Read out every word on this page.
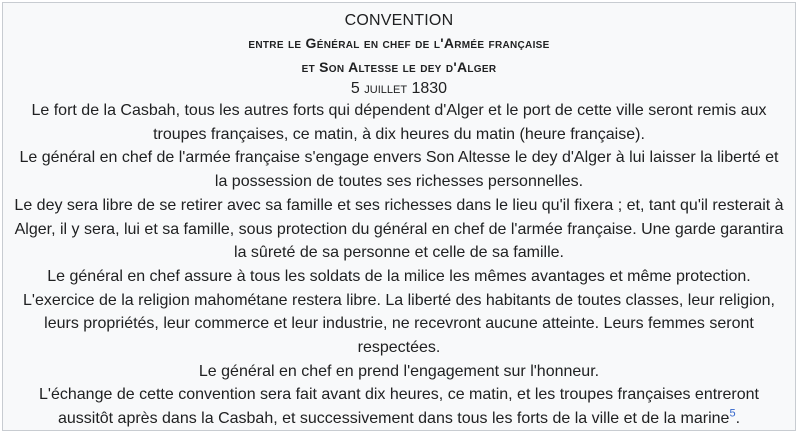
CONVENTION

entre le Général en chef de l'Armée française

et Son Altesse le dey d'Alger

5 juillet 1830

Le fort de la Casbah, tous les autres forts qui dépendent d'Alger et le port de cette ville seront remis aux troupes françaises, ce matin, à dix heures du matin (heure française).

Le général en chef de l'armée française s'engage envers Son Altesse le dey d'Alger à lui laisser la liberté et la possession de toutes ses richesses personnelles.

Le dey sera libre de se retirer avec sa famille et ses richesses dans le lieu qu'il fixera ; et, tant qu'il resterait à Alger, il y sera, lui et sa famille, sous protection du général en chef de l'armée française. Une garde garantira la sûreté de sa personne et celle de sa famille.

Le général en chef assure à tous les soldats de la milice les mêmes avantages et même protection.

L'exercice de la religion mahométane restera libre. La liberté des habitants de toutes classes, leur religion, leurs propriétés, leur commerce et leur industrie, ne recevront aucune atteinte. Leurs femmes seront respectées.

Le général en chef en prend l'engagement sur l'honneur.

L'échange de cette convention sera fait avant dix heures, ce matin, et les troupes françaises entreront aussitôt après dans la Casbah, et successivement dans tous les forts de la ville et de la marine$^5$.
